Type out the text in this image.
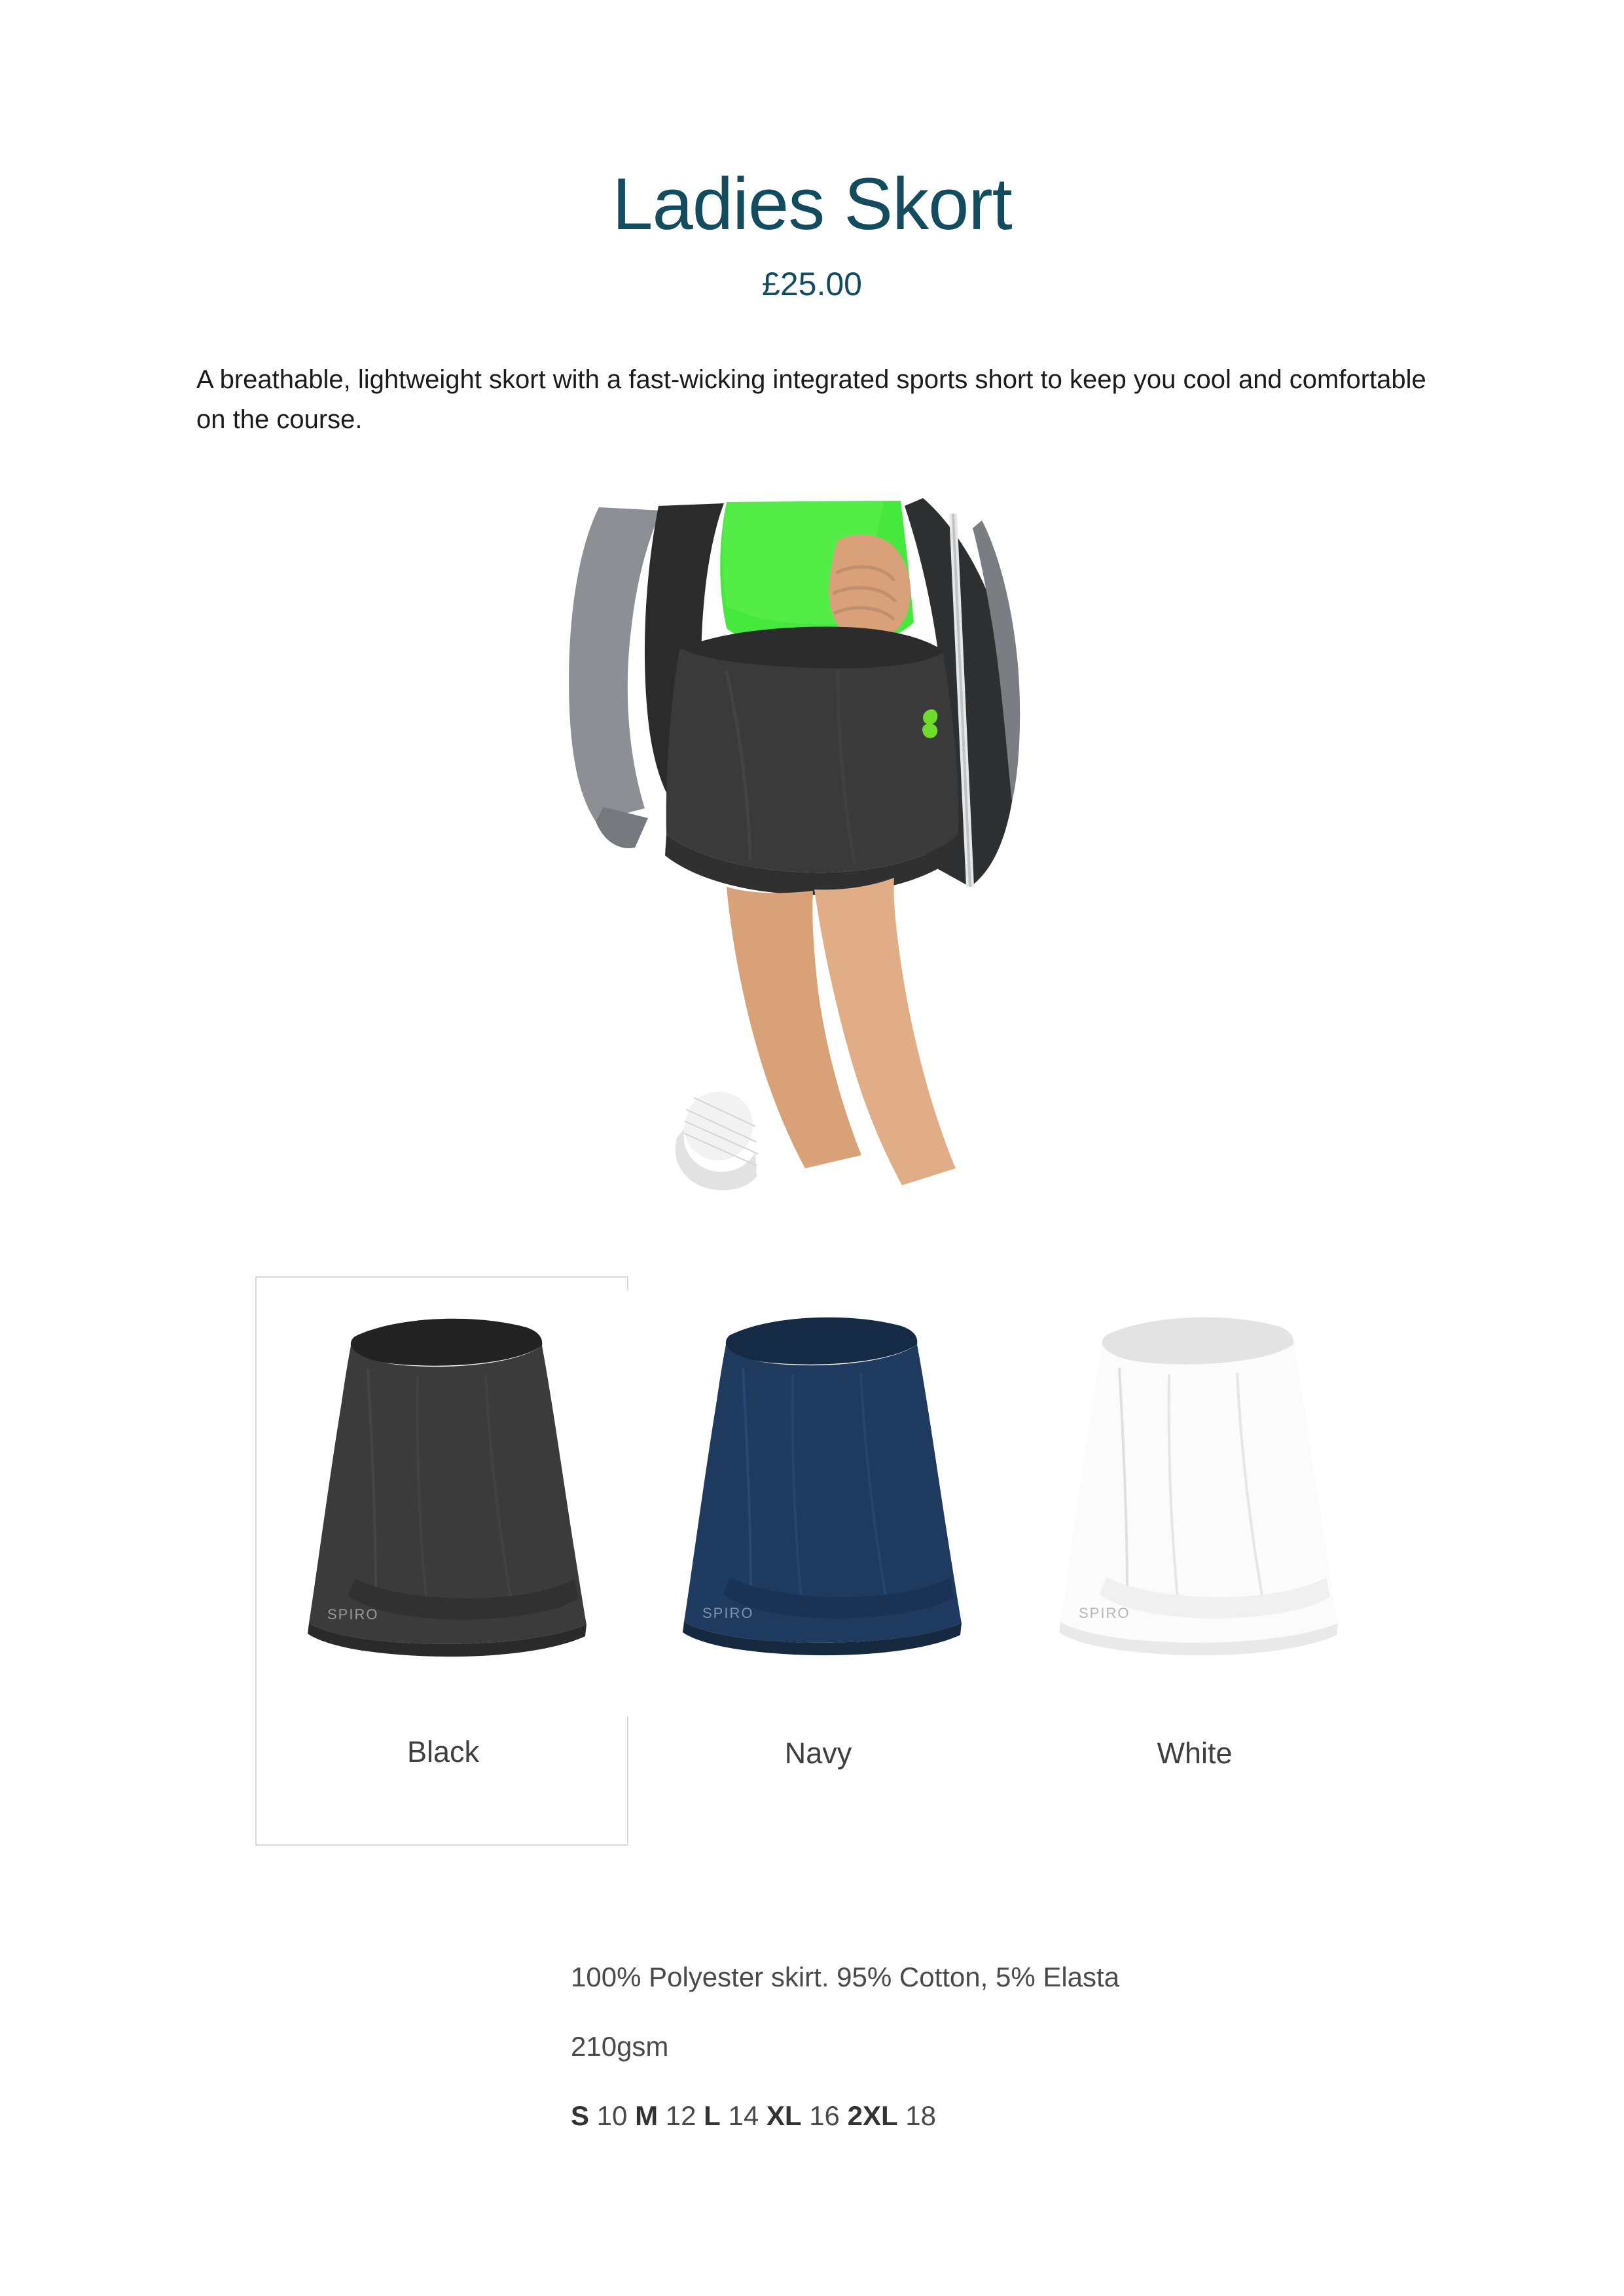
Ladies Skort
£25.00

A breathable, lightweight skort with a fast-wicking integrated sports short to keep you cool and comfortable on the course.

SPIRO
Black
SPIRO
Navy
SPIRO
White
100% Polyester skirt. 95% Cotton, 5% Elasta
210gsm
S 10 M 12 L 14 XL 16 2XL 18
